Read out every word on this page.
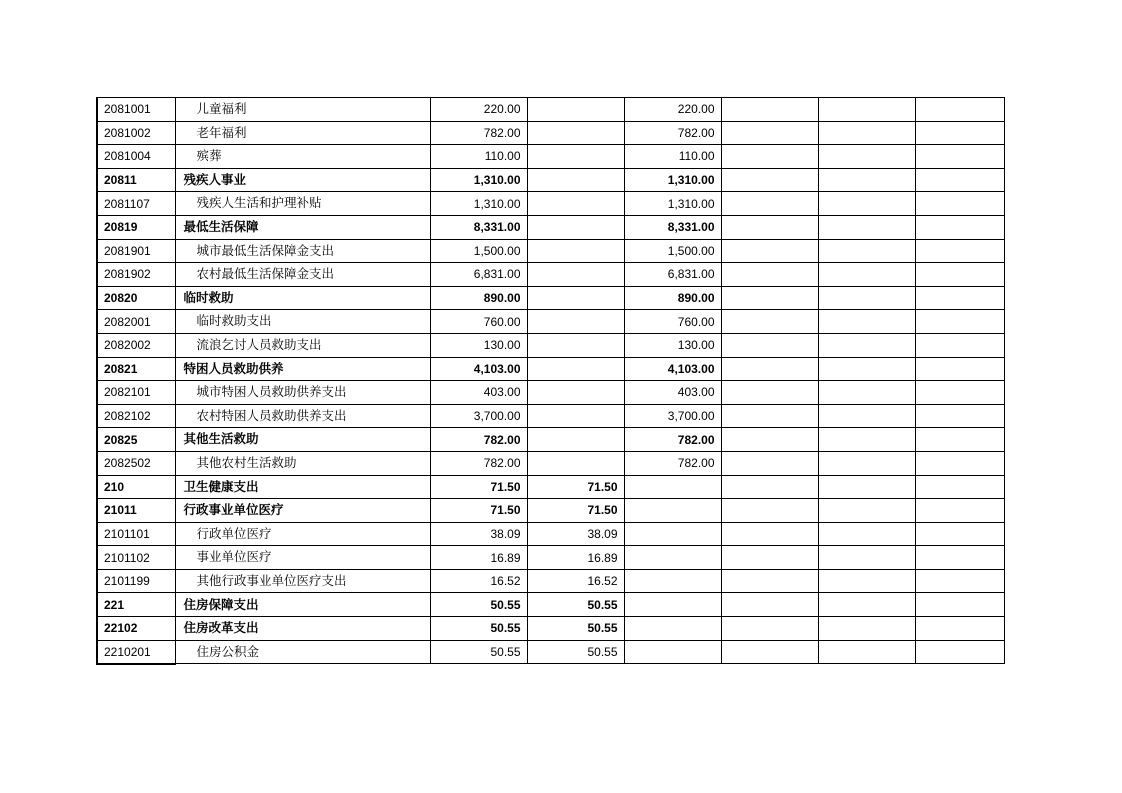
2081001	儿童福利	220.00		220.00			
2081002	老年福利	782.00		782.00			
2081004	殡葬	110.00		110.00			
20811	残疾人事业	1,310.00		1,310.00			
2081107	残疾人生活和护理补贴	1,310.00		1,310.00			
20819	最低生活保障	8,331.00		8,331.00			
2081901	城市最低生活保障金支出	1,500.00		1,500.00			
2081902	农村最低生活保障金支出	6,831.00		6,831.00			
20820	临时救助	890.00		890.00			
2082001	临时救助支出	760.00		760.00			
2082002	流浪乞讨人员救助支出	130.00		130.00			
20821	特困人员救助供养	4,103.00		4,103.00			
2082101	城市特困人员救助供养支出	403.00		403.00			
2082102	农村特困人员救助供养支出	3,700.00		3,700.00			
20825	其他生活救助	782.00		782.00			
2082502	其他农村生活救助	782.00		782.00			
210	卫生健康支出	71.50	71.50				
21011	行政事业单位医疗	71.50	71.50				
2101101	行政单位医疗	38.09	38.09				
2101102	事业单位医疗	16.89	16.89				
2101199	其他行政事业单位医疗支出	16.52	16.52				
221	住房保障支出	50.55	50.55				
22102	住房改革支出	50.55	50.55				
2210201	住房公积金	50.55	50.55				
